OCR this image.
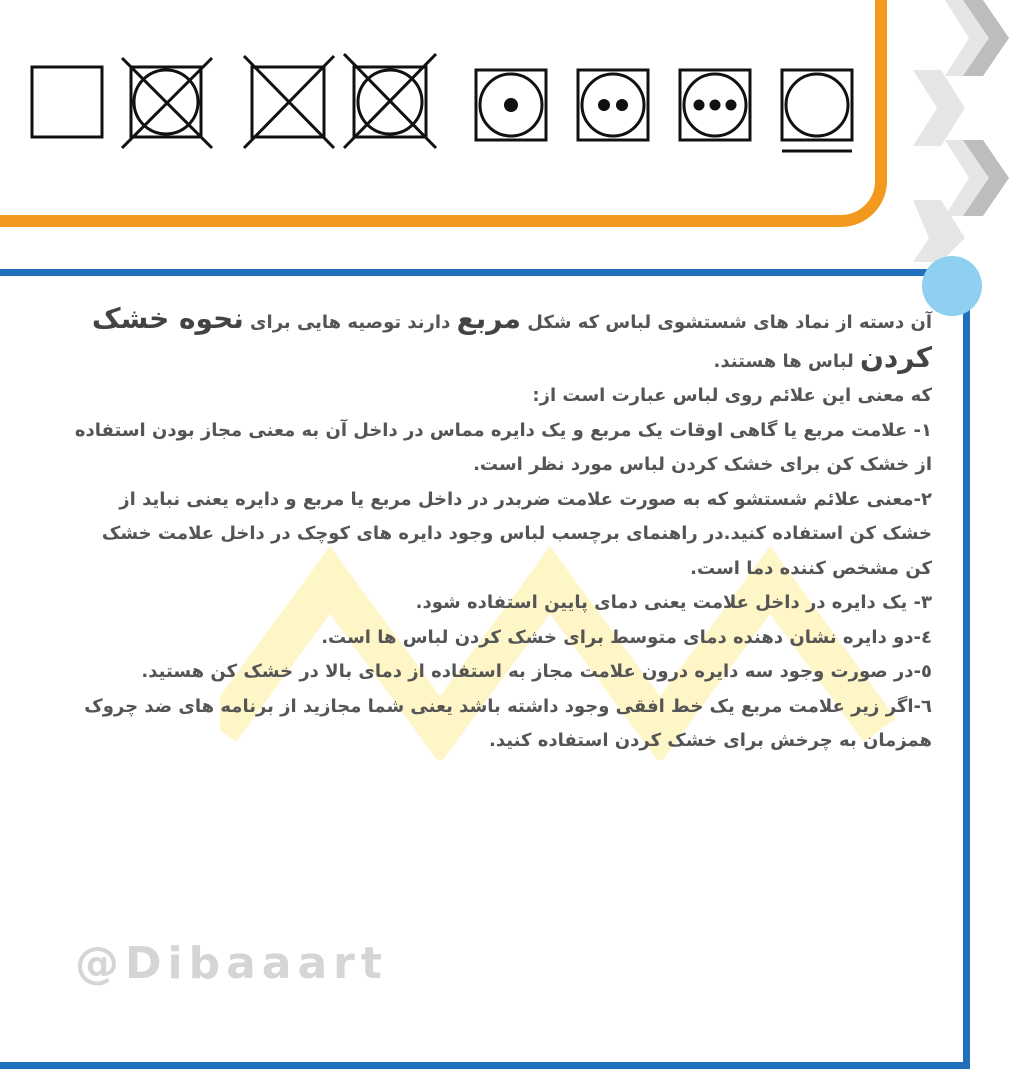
آن دسته از نماد های شستشوی لباس که شکل مربع دارند توصیه هایی برای نحوه خشک کردن لباس ها هستند.

که معنی این علائم روی لباس عبارت است از:

۱- علامت مربع یا گاهی اوقات یک مربع و یک دایره مماس در داخل آن به معنی مجاز بودن استفاده از خشک کن برای خشک کردن لباس مورد نظر است.

۲-معنی علائم شستشو که به صورت علامت ضربدر در داخل مربع یا مربع و دایره یعنی نباید از خشک کن استفاده کنید.در راهنمای برچسب لباس وجود دایره های کوچک در داخل علامت خشک کن مشخص کننده دما است.

۳- یک دایره در داخل علامت یعنی دمای پایین استفاده شود.

٤-دو دایره نشان دهنده دمای متوسط برای خشک کردن لباس ها است.

٥-در صورت وجود سه دایره درون علامت مجاز به استفاده از دمای بالا در خشک کن هستید.

٦-اگر زیر علامت مربع یک خط افقی وجود داشته باشد یعنی شما مجازید از برنامه های ضد چروک همزمان به چرخش برای خشک کردن استفاده کنید.

@Dibaaart
